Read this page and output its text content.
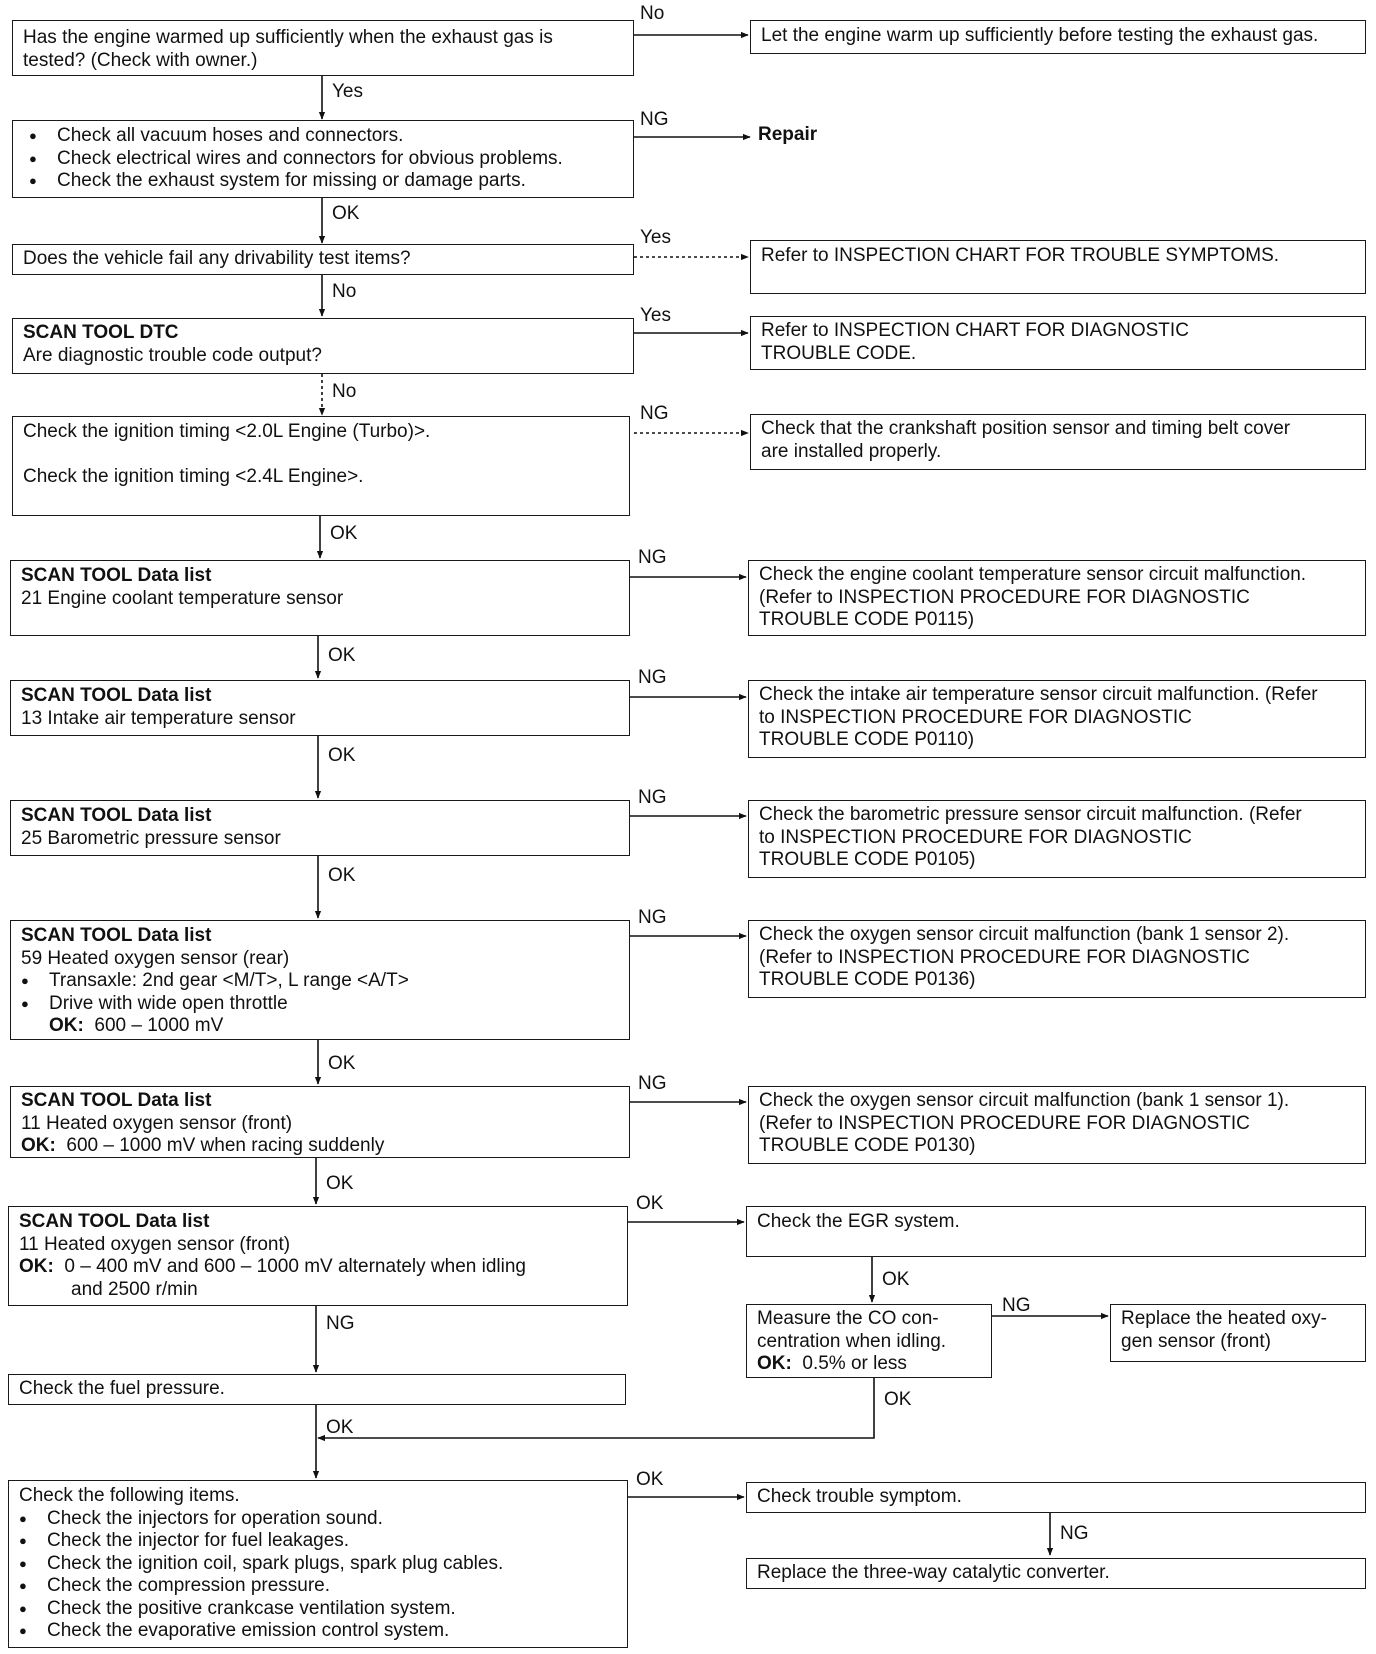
Has the engine warmed up sufficiently when the exhaust gas is
tested? (Check with owner.)
Let the engine warm up sufficiently before testing the exhaust gas.
● Check all vacuum hoses and connectors.
● Check electrical wires and connectors for obvious problems.
● Check the exhaust system for missing or damage parts.
Repair
Does the vehicle fail any drivability test items?	Refer to INSPECTION CHART FOR TROUBLE SYMPTOMS.
SCAN TOOL DTC
Are diagnostic trouble code output?
Refer to INSPECTION CHART FOR DIAGNOSTIC
TROUBLE CODE.
Check the ignition timing <2.0L Engine (Turbo)>.
Check the ignition timing <2.4L Engine>.
Check that the crankshaft position sensor and timing belt cover
are installed properly.
SCAN TOOL Data list
21 Engine coolant temperature sensor
Check the engine coolant temperature sensor circuit malfunction.
(Refer to INSPECTION PROCEDURE FOR DIAGNOSTIC
TROUBLE CODE P0115)
SCAN TOOL Data list
13 Intake air temperature sensor
Check the intake air temperature sensor circuit malfunction. (Refer
to INSPECTION PROCEDURE FOR DIAGNOSTIC
TROUBLE CODE P0110)
SCAN TOOL Data list
25 Barometric pressure sensor
Check the barometric pressure sensor circuit malfunction. (Refer
to INSPECTION PROCEDURE FOR DIAGNOSTIC
TROUBLE CODE P0105)
SCAN TOOL Data list
59 Heated oxygen sensor (rear)
● Transaxle: 2nd gear <M/T>, L range <A/T>
● Drive with wide open throttle
OK: 600 – 1000 mV
Check the oxygen sensor circuit malfunction (bank 1 sensor 2).
(Refer to INSPECTION PROCEDURE FOR DIAGNOSTIC
TROUBLE CODE P0136)
SCAN TOOL Data list
11 Heated oxygen sensor (front)
OK: 600 – 1000 mV when racing suddenly
Check the oxygen sensor circuit malfunction (bank 1 sensor 1).
(Refer to INSPECTION PROCEDURE FOR DIAGNOSTIC
TROUBLE CODE P0130)
SCAN TOOL Data list
11 Heated oxygen sensor (front)
OK: 0 – 400 mV and 600 – 1000 mV alternately when idling
and 2500 r/min
Check the EGR system.
Measure the CO con-
centration when idling.
OK: 0.5% or less
Replace the heated oxy-
gen sensor (front)
Check the fuel pressure.
Check the following items.
● Check the injectors for operation sound.
● Check the injector for fuel leakages.
● Check the ignition coil, spark plugs, spark plug cables.
● Check the compression pressure.
● Check the positive crankcase ventilation system.
● Check the evaporative emission control system.
Check trouble symptom.
Replace the three-way catalytic converter.
No
Yes
NG
OK
Yes
No
Yes
No
NG
OK
NG
OK
NG
OK
NG
OK
NG
OK
NG
OK
OK
NG
OK
NG
OK
OK
OK
NG
